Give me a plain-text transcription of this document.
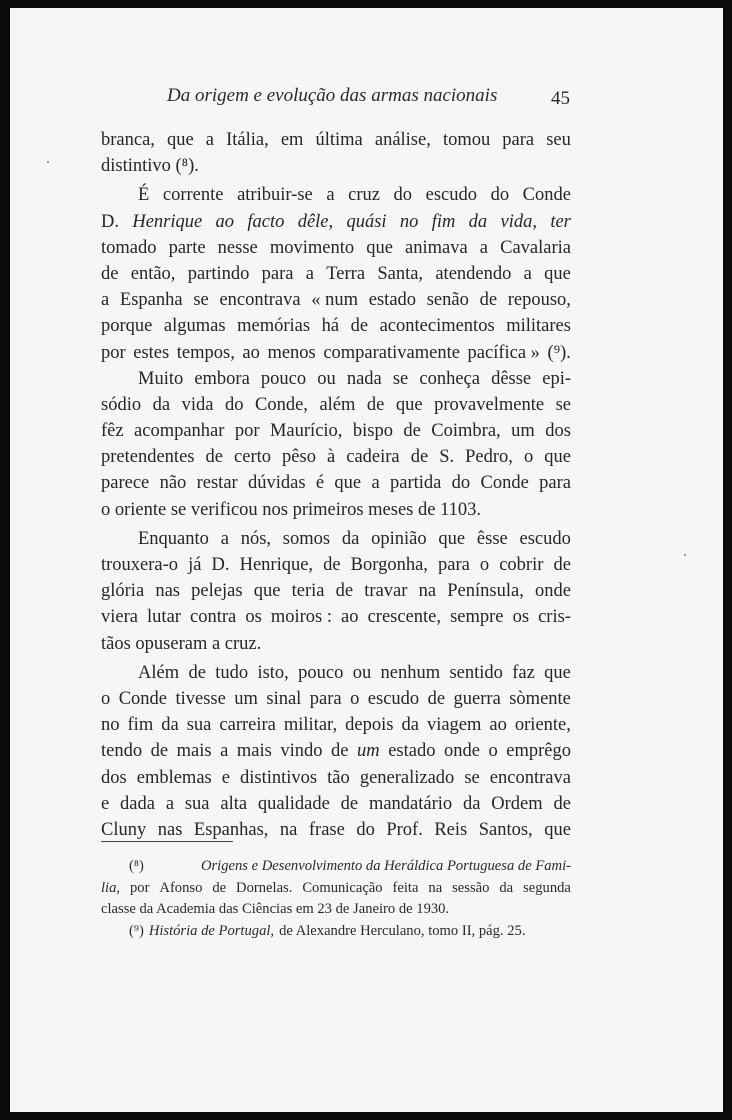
Da origem e evolução das armas nacionais	45
branca, que a Itália, em última análise, tomou para seu
distintivo (⁸).
É corrente atribuir-se a cruz do escudo do Conde
D. Henrique ao facto dêle, quási no fim da vida, ter
tomado parte nesse movimento que animava a Cavalaria
de então, partindo para a Terra Santa, atendendo a que
a Espanha se encontrava « num estado senão de repouso,
porque algumas memórias há de acontecimentos militares
por estes tempos, ao menos comparativamente pacífica » (⁹).
Muito embora pouco ou nada se conheça dêsse epi-
sódio da vida do Conde, além de que provavelmente se
fêz acompanhar por Maurício, bispo de Coimbra, um dos
pretendentes de certo pêso à cadeira de S. Pedro, o que
parece não restar dúvidas é que a partida do Conde para
o oriente se verificou nos primeiros meses de 1103.
Enquanto a nós, somos da opinião que êsse escudo
trouxera-o já D. Henrique, de Borgonha, para o cobrir de
glória nas pelejas que teria de travar na Península, onde
viera lutar contra os moiros : ao crescente, sempre os cris-
tãos opuseram a cruz.
Além de tudo isto, pouco ou nenhum sentido faz que
o Conde tivesse um sinal para o escudo de guerra sòmente
no fim da sua carreira militar, depois da viagem ao oriente,
tendo de mais a mais vindo de um estado onde o emprêgo
dos emblemas e distintivos tão generalizado se encontrava
e dada a sua alta qualidade de mandatário da Ordem de
Cluny nas Espanhas, na frase do Prof. Reis Santos, que
(⁸)	Origens e Desenvolvimento da Heráldica Portuguesa de Fami-
lia, por Afonso de Dornelas. Comunicação feita na sessão da segunda
classe da Academia das Ciências em 23 de Janeiro de 1930.
(⁹) História de Portugal, de Alexandre Herculano, tomo II, pág. 25.
